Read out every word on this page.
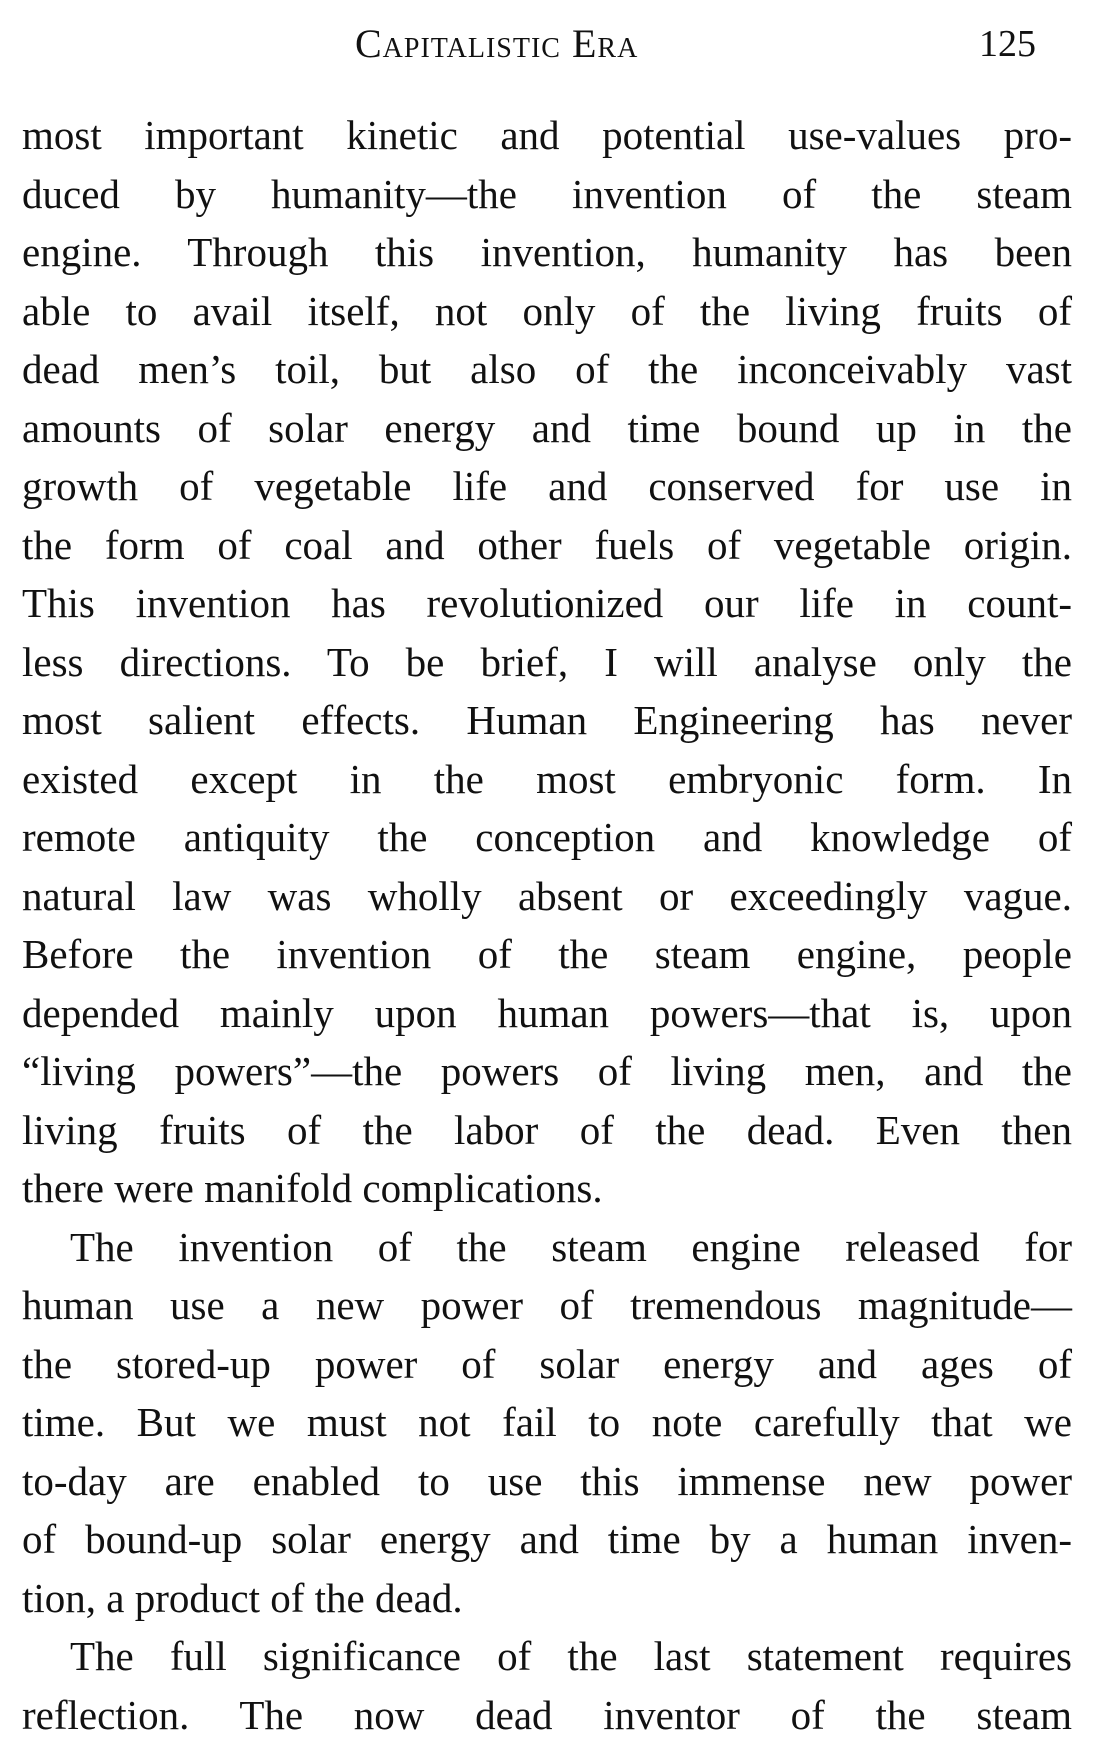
Capitalistic Era	125
most important kinetic and potential use-values pro-
duced by humanity—the invention of the steam
engine. Through this invention, humanity has been
able to avail itself, not only of the living fruits of
dead men’s toil, but also of the inconceivably vast
amounts of solar energy and time bound up in the
growth of vegetable life and conserved for use in
the form of coal and other fuels of vegetable origin.
This invention has revolutionized our life in count-
less directions. To be brief, I will analyse only the
most salient effects. Human Engineering has never
existed except in the most embryonic form. In
remote antiquity the conception and knowledge of
natural law was wholly absent or exceedingly vague.
Before the invention of the steam engine, people
depended mainly upon human powers—that is, upon
“living powers”—the powers of living men, and the
living fruits of the labor of the dead. Even then
there were manifold complications.
The invention of the steam engine released for
human use a new power of tremendous magnitude—
the stored-up power of solar energy and ages of
time. But we must not fail to note carefully that we
to-day are enabled to use this immense new power
of bound-up solar energy and time by a human inven-
tion, a product of the dead.
The full significance of the last statement requires
reflection. The now dead inventor of the steam
